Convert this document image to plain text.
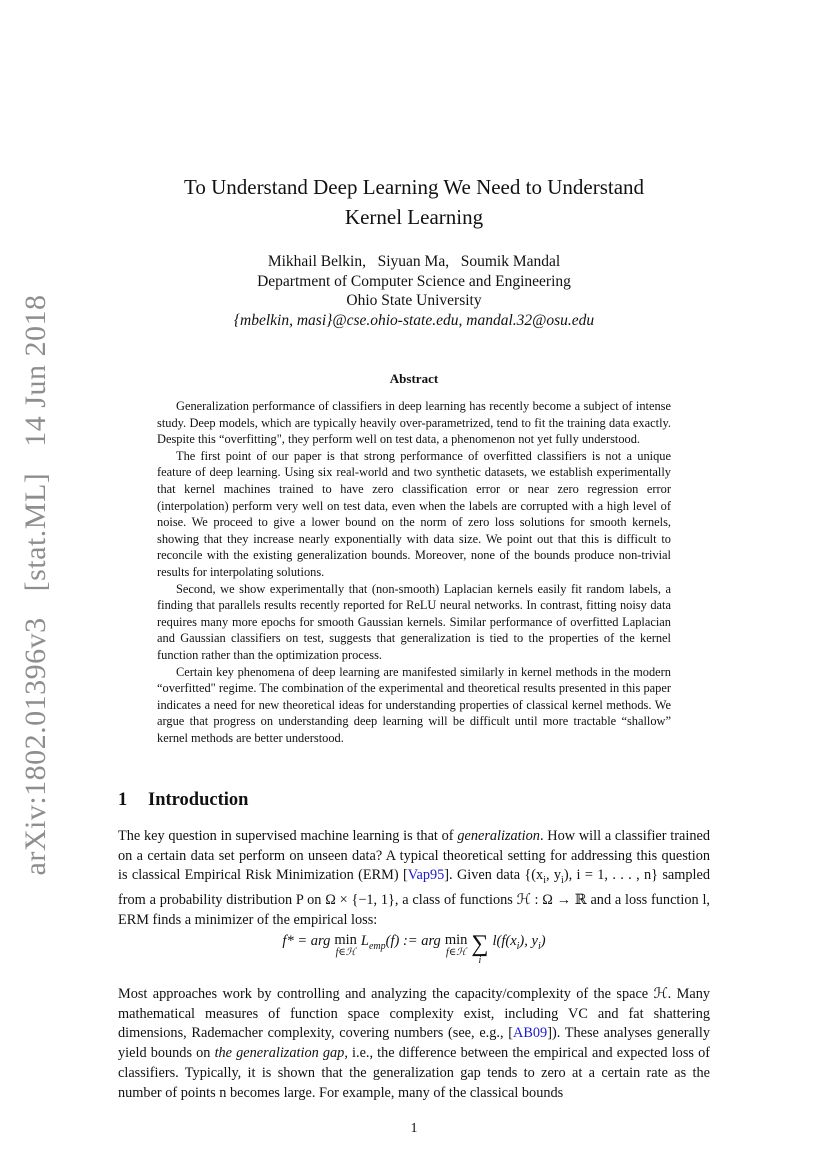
arXiv:1802.01396v3 [stat.ML] 14 Jun 2018
To Understand Deep Learning We Need to Understand
Kernel Learning
Mikhail Belkin,   Siyuan Ma,   Soumik Mandal
Department of Computer Science and Engineering
Ohio State University
{mbelkin, masi}@cse.ohio-state.edu, mandal.32@osu.edu
Abstract

Generalization performance of classifiers in deep learning has recently become a subject of intense study. Deep models, which are typically heavily over-parametrized, tend to fit the training data exactly. Despite this “overfitting", they perform well on test data, a phenomenon not yet fully understood.

The first point of our paper is that strong performance of overfitted classifiers is not a unique feature of deep learning. Using six real-world and two synthetic datasets, we establish experimentally that kernel machines trained to have zero classification error or near zero regression error (interpolation) perform very well on test data, even when the labels are corrupted with a high level of noise. We proceed to give a lower bound on the norm of zero loss solutions for smooth kernels, showing that they increase nearly exponentially with data size. We point out that this is difficult to reconcile with the existing generalization bounds. Moreover, none of the bounds produce non-trivial results for interpolating solutions.

Second, we show experimentally that (non-smooth) Laplacian kernels easily fit random labels, a finding that parallels results recently reported for ReLU neural networks. In contrast, fitting noisy data requires many more epochs for smooth Gaussian kernels. Similar performance of overfitted Laplacian and Gaussian classifiers on test, suggests that generalization is tied to the properties of the kernel function rather than the optimization process.

Certain key phenomena of deep learning are manifested similarly in kernel methods in the modern “overfitted" regime. The combination of the experimental and theoretical results presented in this paper indicates a need for new theoretical ideas for understanding properties of classical kernel methods. We argue that progress on understanding deep learning will be difficult until more tractable “shallow” kernel methods are better understood.

1 Introduction

The key question in supervised machine learning is that of generalization. How will a classifier trained on a certain data set perform on unseen data? A typical theoretical setting for addressing this question is classical Empirical Risk Minimization (ERM) [Vap95]. Given data {($x_i$, $y_i$), i = 1, . . . , n} sampled from a probability distribution P on Ω × {−1, 1}, a class of functions ℋ : Ω → ℝ and a loss function l, ERM finds a minimizer of the empirical loss:

f* = arg min
f∈ℋ
$L_{emp}(f)$ := arg min
f∈ℋ ∑
i
$l(f(x_i)$, $y_i$)

Most approaches work by controlling and analyzing the capacity/complexity of the space ℋ. Many mathematical measures of function space complexity exist, including VC and fat shattering dimensions, Rademacher complexity, covering numbers (see, e.g., [AB09]). These analyses generally yield bounds on the generalization gap, i.e., the difference between the empirical and expected loss of classifiers. Typically, it is shown that the generalization gap tends to zero at a certain rate as the number of points n becomes large. For example, many of the classical bounds

1
